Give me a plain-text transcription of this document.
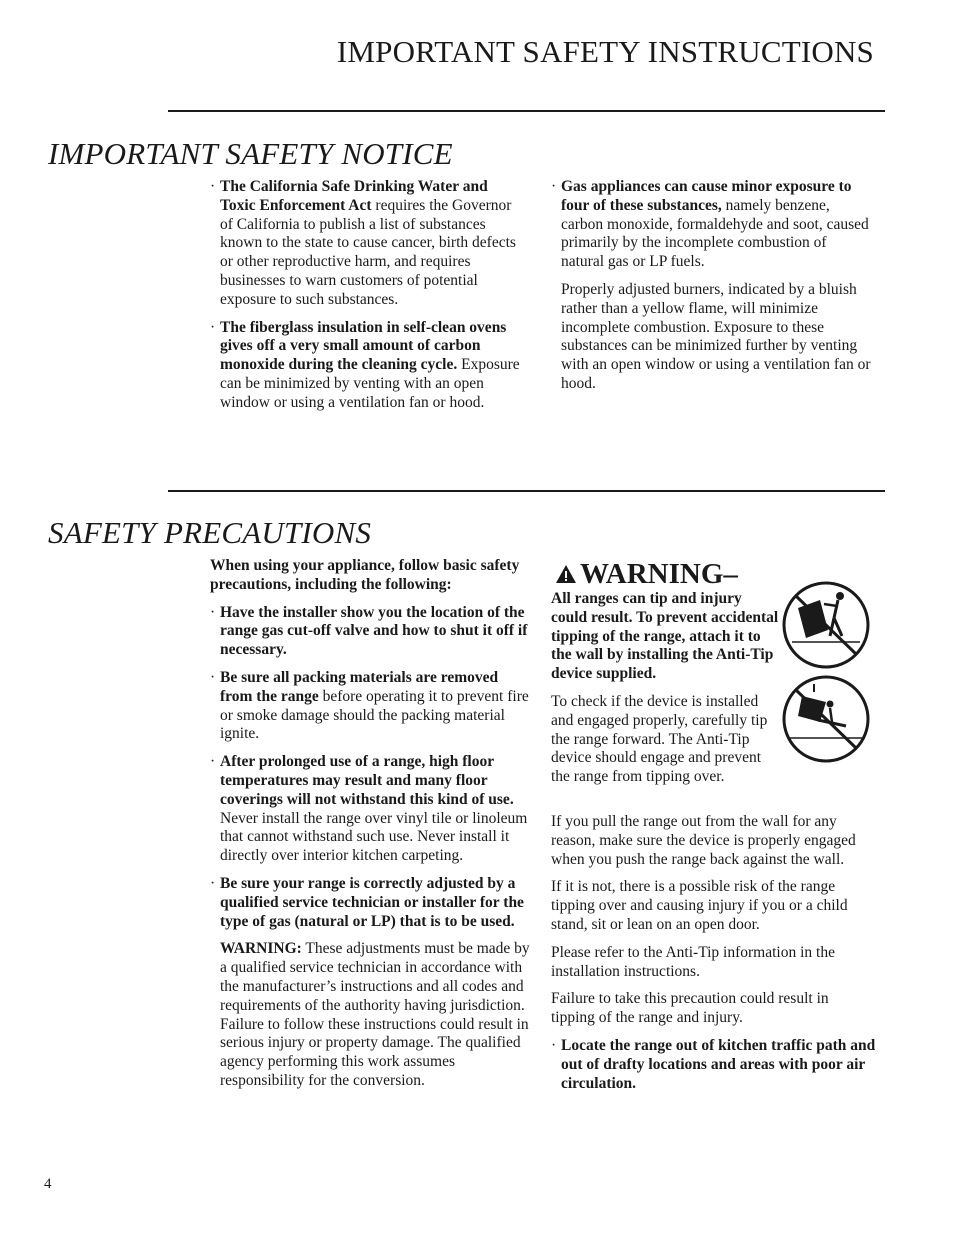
IMPORTANT SAFETY INSTRUCTIONS
IMPORTANT SAFETY NOTICE
· The California Safe Drinking Water and Toxic Enforcement Act requires the Governor of California to publish a list of substances known to the state to cause cancer, birth defects or other reproductive harm, and requires businesses to warn customers of potential exposure to such substances.
· The fiberglass insulation in self-clean ovens gives off a very small amount of carbon monoxide during the cleaning cycle. Exposure can be minimized by venting with an open window or using a ventilation fan or hood.
· Gas appliances can cause minor exposure to four of these substances, namely benzene, carbon monoxide, formaldehyde and soot, caused primarily by the incomplete combustion of natural gas or LP fuels.
Properly adjusted burners, indicated by a bluish rather than a yellow flame, will minimize incomplete combustion. Exposure to these substances can be minimized further by venting with an open window or using a ventilation fan or hood.
SAFETY PRECAUTIONS
When using your appliance, follow basic safety precautions, including the following:
· Have the installer show you the location of the range gas cut-off valve and how to shut it off if necessary.
· Be sure all packing materials are removed from the range before operating it to prevent fire or smoke damage should the packing material ignite.
· After prolonged use of a range, high floor temperatures may result and many floor coverings will not withstand this kind of use. Never install the range over vinyl tile or linoleum that cannot withstand such use. Never install it directly over interior kitchen carpeting.
· Be sure your range is correctly adjusted by a qualified service technician or installer for the type of gas (natural or LP) that is to be used.
WARNING: These adjustments must be made by a qualified service technician in accordance with the manufacturer’s instructions and all codes and requirements of the authority having jurisdiction. Failure to follow these instructions could result in serious injury or property damage. The qualified agency performing this work assumes responsibility for the conversion.
WARNING–
All ranges can tip and injury could result. To prevent accidental tipping of the range, attach it to the wall by installing the Anti-Tip device supplied.
To check if the device is installed and engaged properly, carefully tip the range forward. The Anti-Tip device should engage and prevent the range from tipping over.
If you pull the range out from the wall for any reason, make sure the device is properly engaged when you push the range back against the wall.
If it is not, there is a possible risk of the range tipping over and causing injury if you or a child stand, sit or lean on an open door.
Please refer to the Anti-Tip information in the installation instructions.
Failure to take this precaution could result in tipping of the range and injury.
· Locate the range out of kitchen traffic path and out of drafty locations and areas with poor air circulation.
4
